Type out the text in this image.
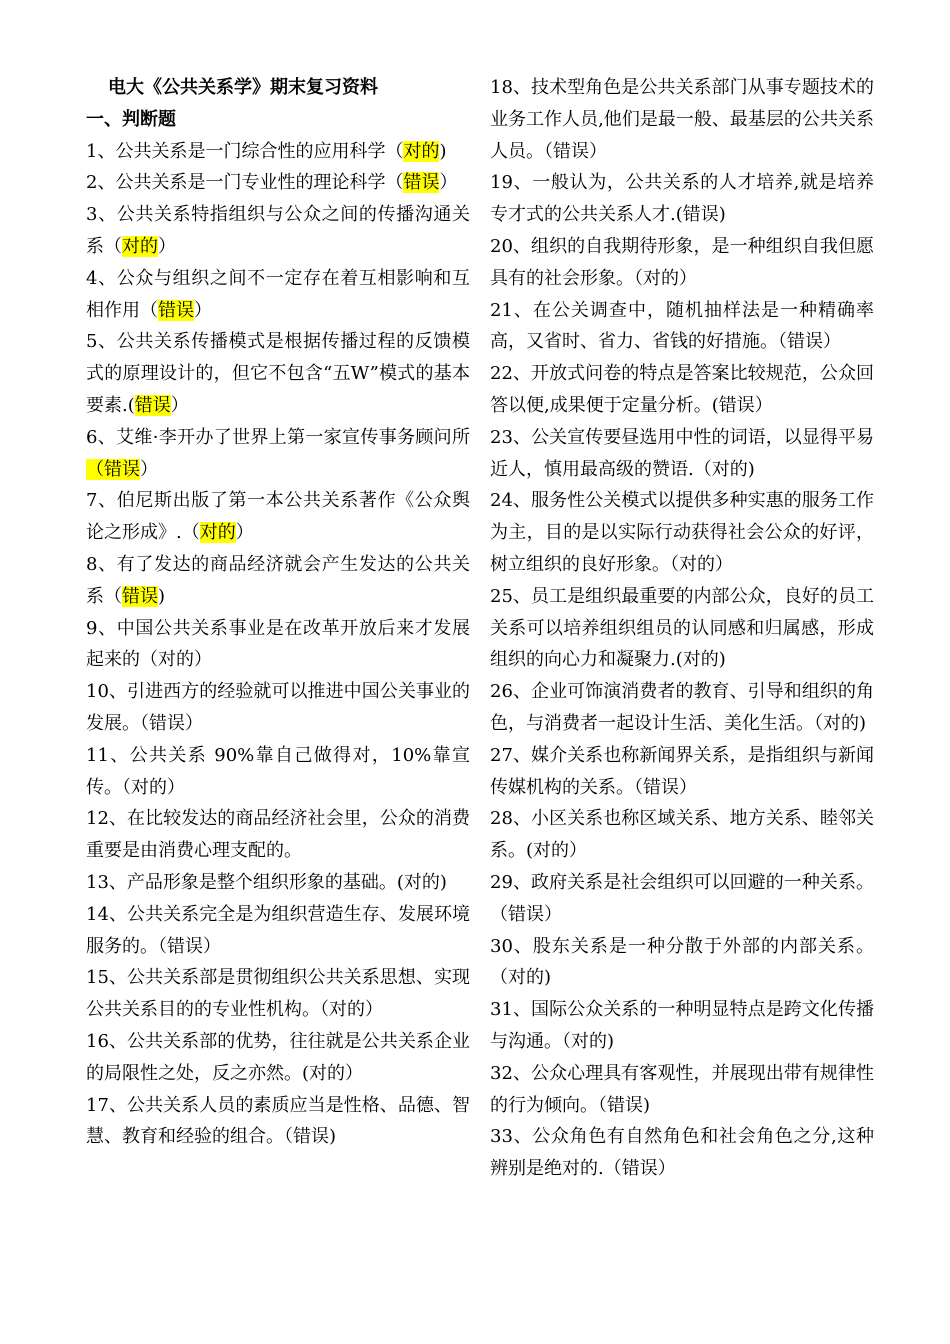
电大《公共关系学》期末复习资料
一、判断题
1、公共关系是一门综合性的应用科学（对的)
2、公共关系是一门专业性的理论科学（错误）
3、公共关系特指组织与公众之间的传播沟通关系（对的）
4、公众与组织之间不一定存在着互相影响和互相作用（错误）
5、公共关系传播模式是根据传播过程的反馈模式的原理设计的，但它不包含“五W”模式的基本要素.(错误）
6、艾维·李开办了世界上第一家宣传事务顾问所（错误）
7、伯尼斯出版了第一本公共关系著作《公众舆论之形成》.（对的）
8、有了发达的商品经济就会产生发达的公共关系（错误)
9、中国公共关系事业是在改革开放后来才发展起来的（对的）
10、引进西方的经验就可以推进中国公关事业的发展。（错误）
11、公共关系 90%靠自己做得对，10%靠宣传。（对的）
12、在比较发达的商品经济社会里，公众的消费重要是由消费心理支配的。
13、产品形象是整个组织形象的基础。(对的)
14、公共关系完全是为组织营造生存、发展环境服务的。（错误）
15、公共关系部是贯彻组织公共关系思想、实现公共关系目的的专业性机构。（对的）
16、公共关系部的优势，往往就是公共关系企业的局限性之处，反之亦然。(对的）
17、公共关系人员的素质应当是性格、品德、智慧、教育和经验的组合。（错误)
18、技术型角色是公共关系部门从事专题技术的业务工作人员,他们是最一般、最基层的公共关系人员。（错误）
19、一般认为，公共关系的人才培养,就是培养专才式的公共关系人才.(错误)
20、组织的自我期待形象，是一种组织自我但愿具有的社会形象。（对的）
21、在公关调查中，随机抽样法是一种精确率高，又省时、省力、省钱的好措施。（错误）
22、开放式问卷的特点是答案比较规范，公众回答以便,成果便于定量分析。(错误）
23、公关宣传要昼选用中性的词语，以显得平易近人，慎用最高级的赞语.（对的)
24、服务性公关模式以提供多种实惠的服务工作为主，目的是以实际行动获得社会公众的好评，树立组织的良好形象。（对的）
25、员工是组织最重要的内部公众，良好的员工关系可以培养组织组员的认同感和归属感，形成组织的向心力和凝聚力.(对的)
26、企业可饰演消费者的教育、引导和组织的角色，与消费者一起设计生活、美化生活。（对的)
27、媒介关系也称新闻界关系，是指组织与新闻传媒机构的关系。（错误）
28、小区关系也称区域关系、地方关系、睦邻关系。(对的）
29、政府关系是社会组织可以回避的一种关系。（错误）
30、股东关系是一种分散于外部的内部关系。（对的)
31、国际公众关系的一种明显特点是跨文化传播与沟通。（对的)
32、公众心理具有客观性，并展现出带有规律性的行为倾向。（错误)
33、公众角色有自然角色和社会角色之分,这种辨别是绝对的.（错误）
